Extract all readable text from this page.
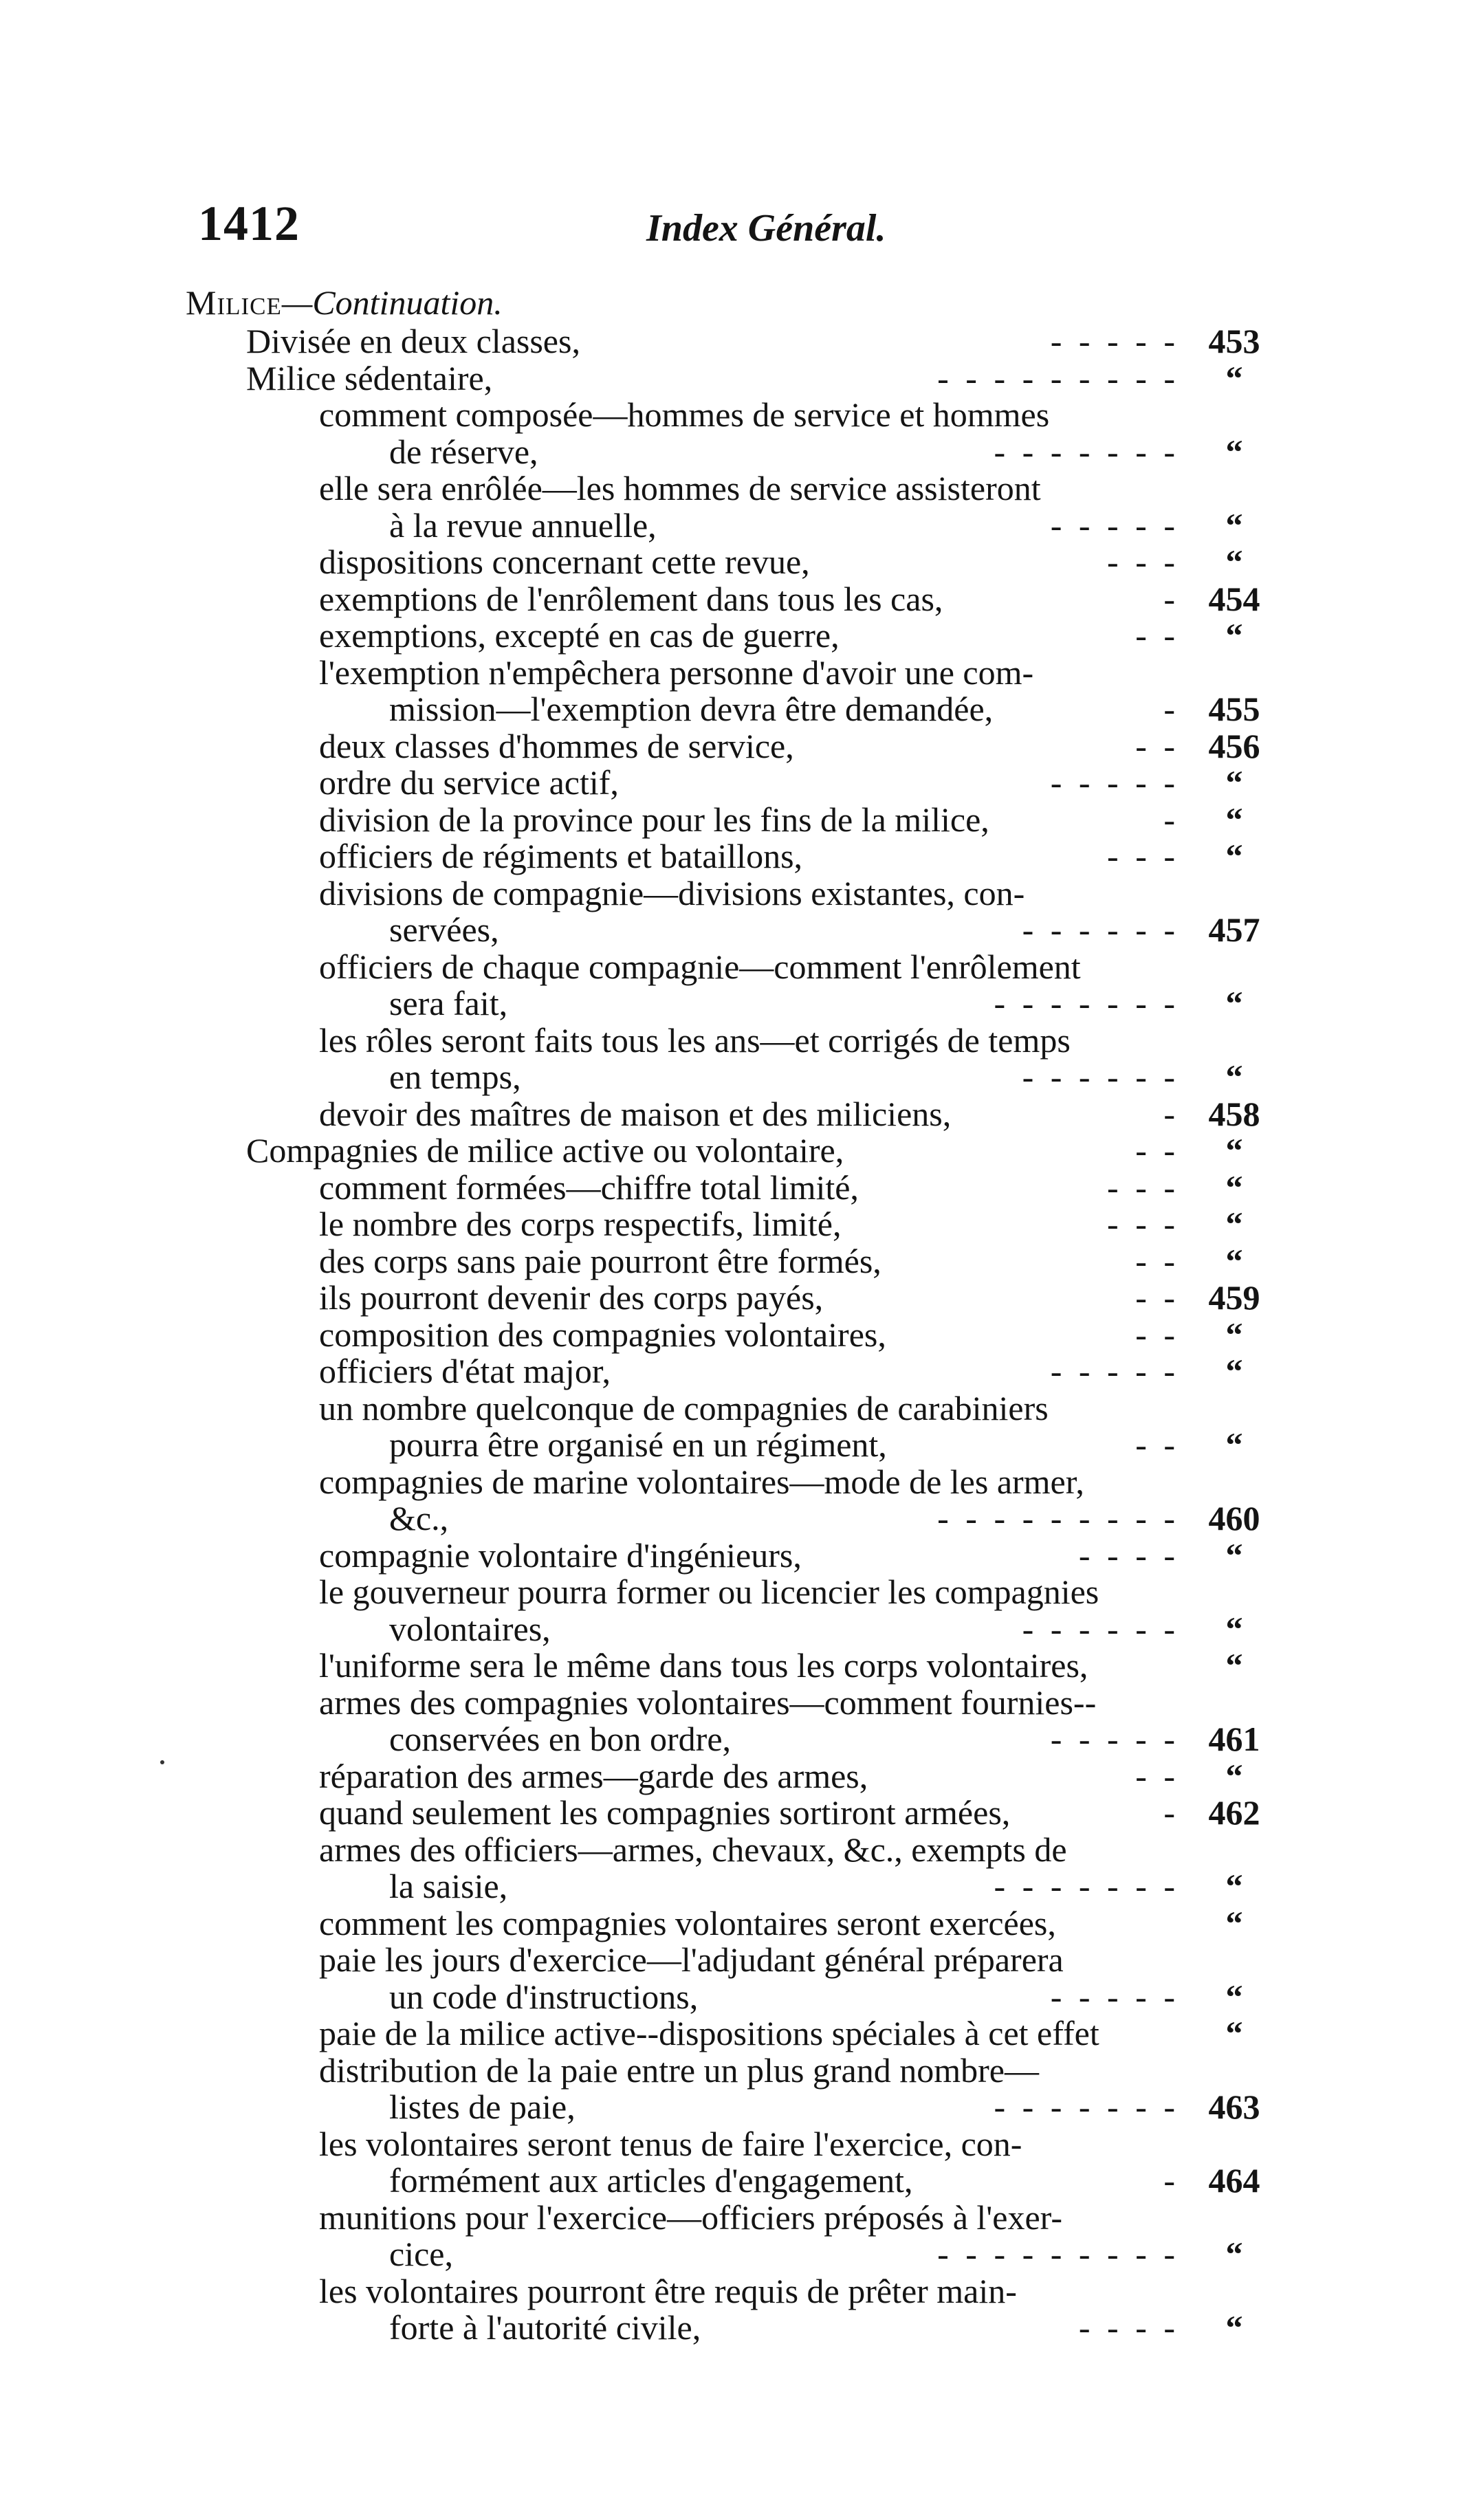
1412	Index Général.
Milice—Continuation.
Divisée en deux classes,	- - - - - 453
Milice sédentaire,	- - - - - - - - -	“
comment composée—hommes de service et hommes
de réserve,	- - - - - - -	“
elle sera enrôlée—les hommes de service assisteront
à la revue annuelle,	- - - - -	“
dispositions concernant cette revue,	- - -	“
exemptions de l'enrôlement dans tous les cas,	- 454
exemptions, excepté en cas de guerre,	- -	“
l'exemption n'empêchera personne d'avoir une com-
mission—l'exemption devra être demandée,	- 455
deux classes d'hommes de service,	- - 456
ordre du service actif,	- - - - -	“
division de la province pour les fins de la milice,	-	“
officiers de régiments et bataillons,	- - -	“
divisions de compagnie—divisions existantes, con-
servées,	- - - - - - 457
officiers de chaque compagnie—comment l'enrôlement
sera fait,	- - - - - - -	“
les rôles seront faits tous les ans—et corrigés de temps
en temps,	- - - - - -	“
devoir des maîtres de maison et des miliciens,	- 458
Compagnies de milice active ou volontaire,	- -	“
comment formées—chiffre total limité,	- - -	“
le nombre des corps respectifs, limité,	- - -	“
des corps sans paie pourront être formés,	- -	“
ils pourront devenir des corps payés,	- - 459
composition des compagnies volontaires,	- -	“
officiers d'état major,	- - - - -	“
un nombre quelconque de compagnies de carabiniers
pourra être organisé en un régiment,	- -	“
compagnies de marine volontaires—mode de les armer,
&c.,	- - - - - - - - - 460
compagnie volontaire d'ingénieurs,	- - - -	“
le gouverneur pourra former ou licencier les compagnies
volontaires,	- - - - - -	“
l'uniforme sera le même dans tous les corps volontaires,	“
armes des compagnies volontaires—comment fournies--
conservées en bon ordre,	- - - - - 461
réparation des armes—garde des armes,	- -	“
quand seulement les compagnies sortiront armées,	- 462
armes des officiers—armes, chevaux, &c., exempts de
la saisie,	- - - - - - -	“
comment les compagnies volontaires seront exercées,	“
paie les jours d'exercice—l'adjudant général préparera
un code d'instructions,	- - - - -	“
paie de la milice active--dispositions spéciales à cet effet	“
distribution de la paie entre un plus grand nombre—
listes de paie,	- - - - - - - 463
les volontaires seront tenus de faire l'exercice, con-
formément aux articles d'engagement,	- 464
munitions pour l'exercice—officiers préposés à l'exer-
cice,	- - - - - - - - -	“
les volontaires pourront être requis de prêter main-
forte à l'autorité civile,	- - - -	“
